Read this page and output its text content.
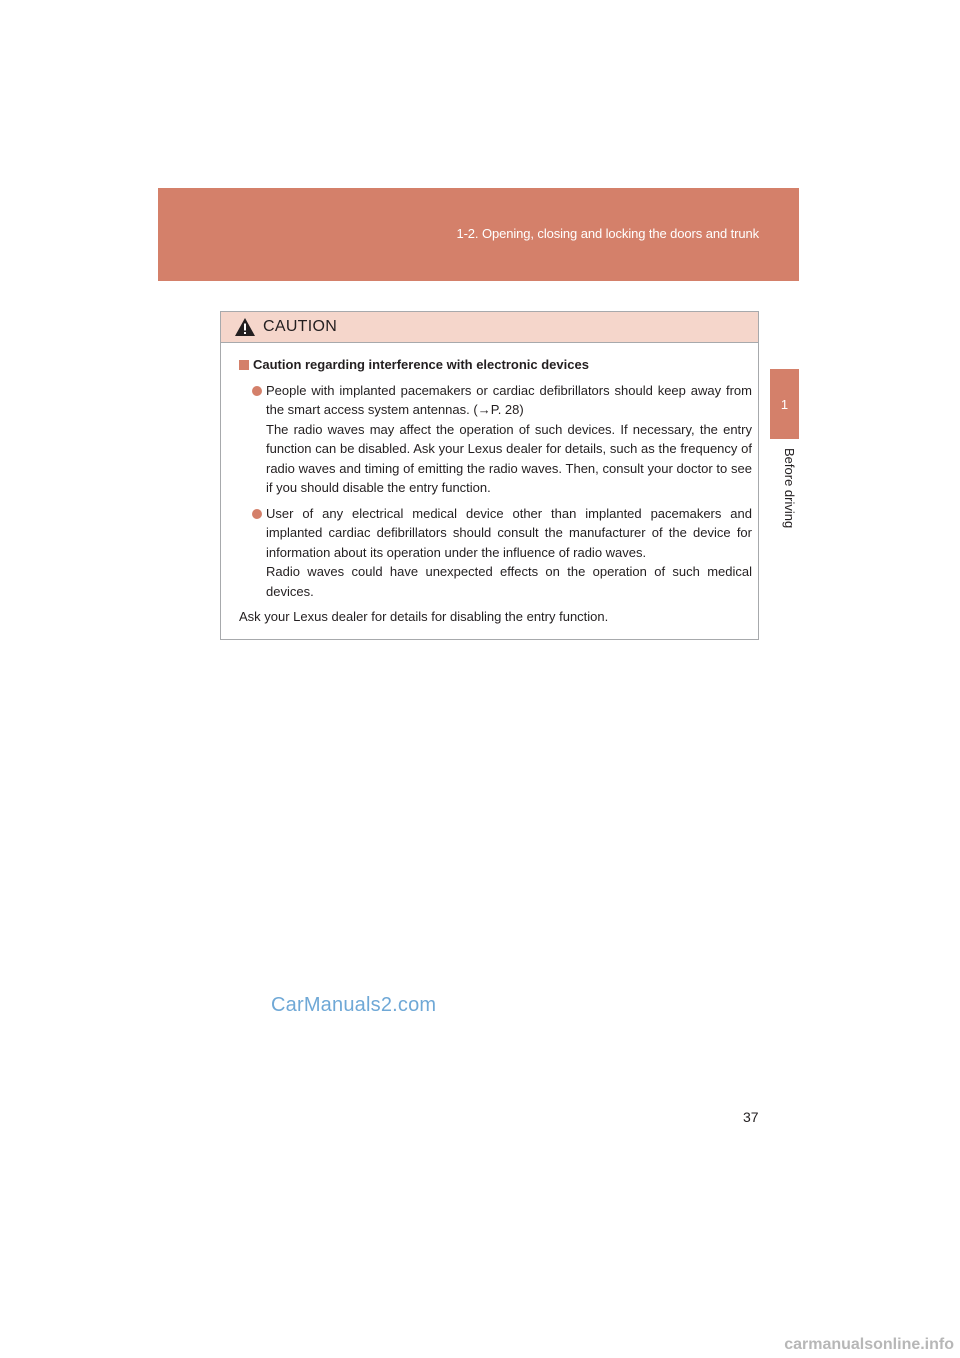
1-2. Opening, closing and locking the doors and trunk
1
Before driving
CAUTION
Caution regarding interference with electronic devices

People with implanted pacemakers or cardiac defibrillators should keep away from the smart access system antennas. (→P. 28)

The radio waves may affect the operation of such devices. If necessary, the entry function can be disabled. Ask your Lexus dealer for details, such as the frequency of radio waves and timing of emitting the radio waves. Then, consult your doctor to see if you should disable the entry function.

User of any electrical medical device other than implanted pacemakers and implanted cardiac defibrillators should consult the manufacturer of the device for information about its operation under the influence of radio waves.

Radio waves could have unexpected effects on the operation of such medical devices.

Ask your Lexus dealer for details for disabling the entry function.
CarManuals2.com
37
carmanualsonline.info
